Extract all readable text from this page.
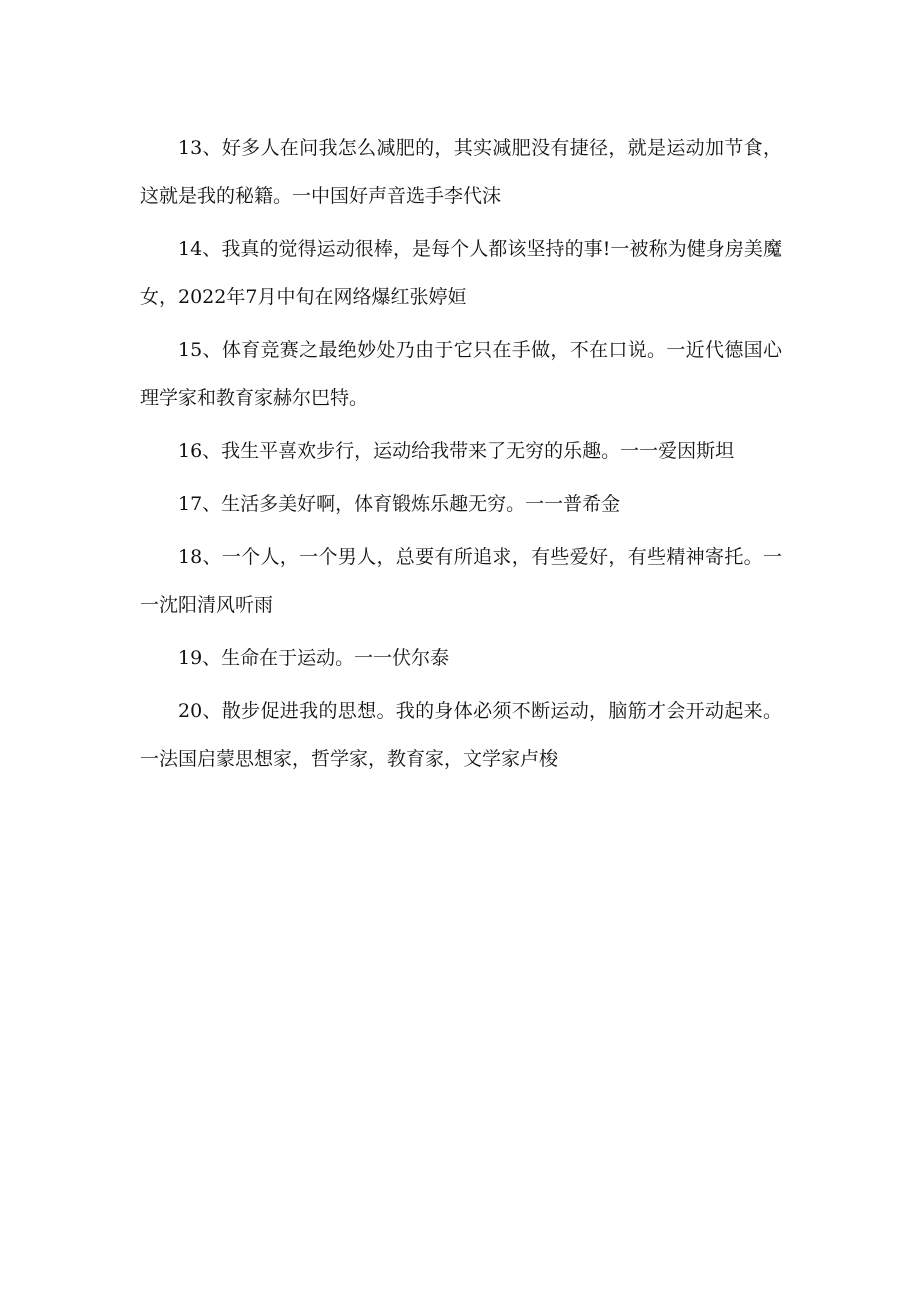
13、好多人在问我怎么减肥的，其实减肥没有捷径，就是运动加节食，这就是我的秘籍。一中国好声音选手李代沫

14、我真的觉得运动很棒，是每个人都该坚持的事!一被称为健身房美魔女，2022年7月中旬在网络爆红张婷姮

15、体育竞赛之最绝妙处乃由于它只在手做，不在口说。一近代德国心理学家和教育家赫尔巴特。

16、我生平喜欢步行，运动给我带来了无穷的乐趣。一一爱因斯坦

17、生活多美好啊，体育锻炼乐趣无穷。一一普希金

18、一个人，一个男人，总要有所追求，有些爱好，有些精神寄托。一一沈阳清风听雨

19、生命在于运动。一一伏尔泰

20、散步促进我的思想。我的身体必须不断运动，脑筋才会开动起来。一法国启蒙思想家，哲学家，教育家，文学家卢梭
